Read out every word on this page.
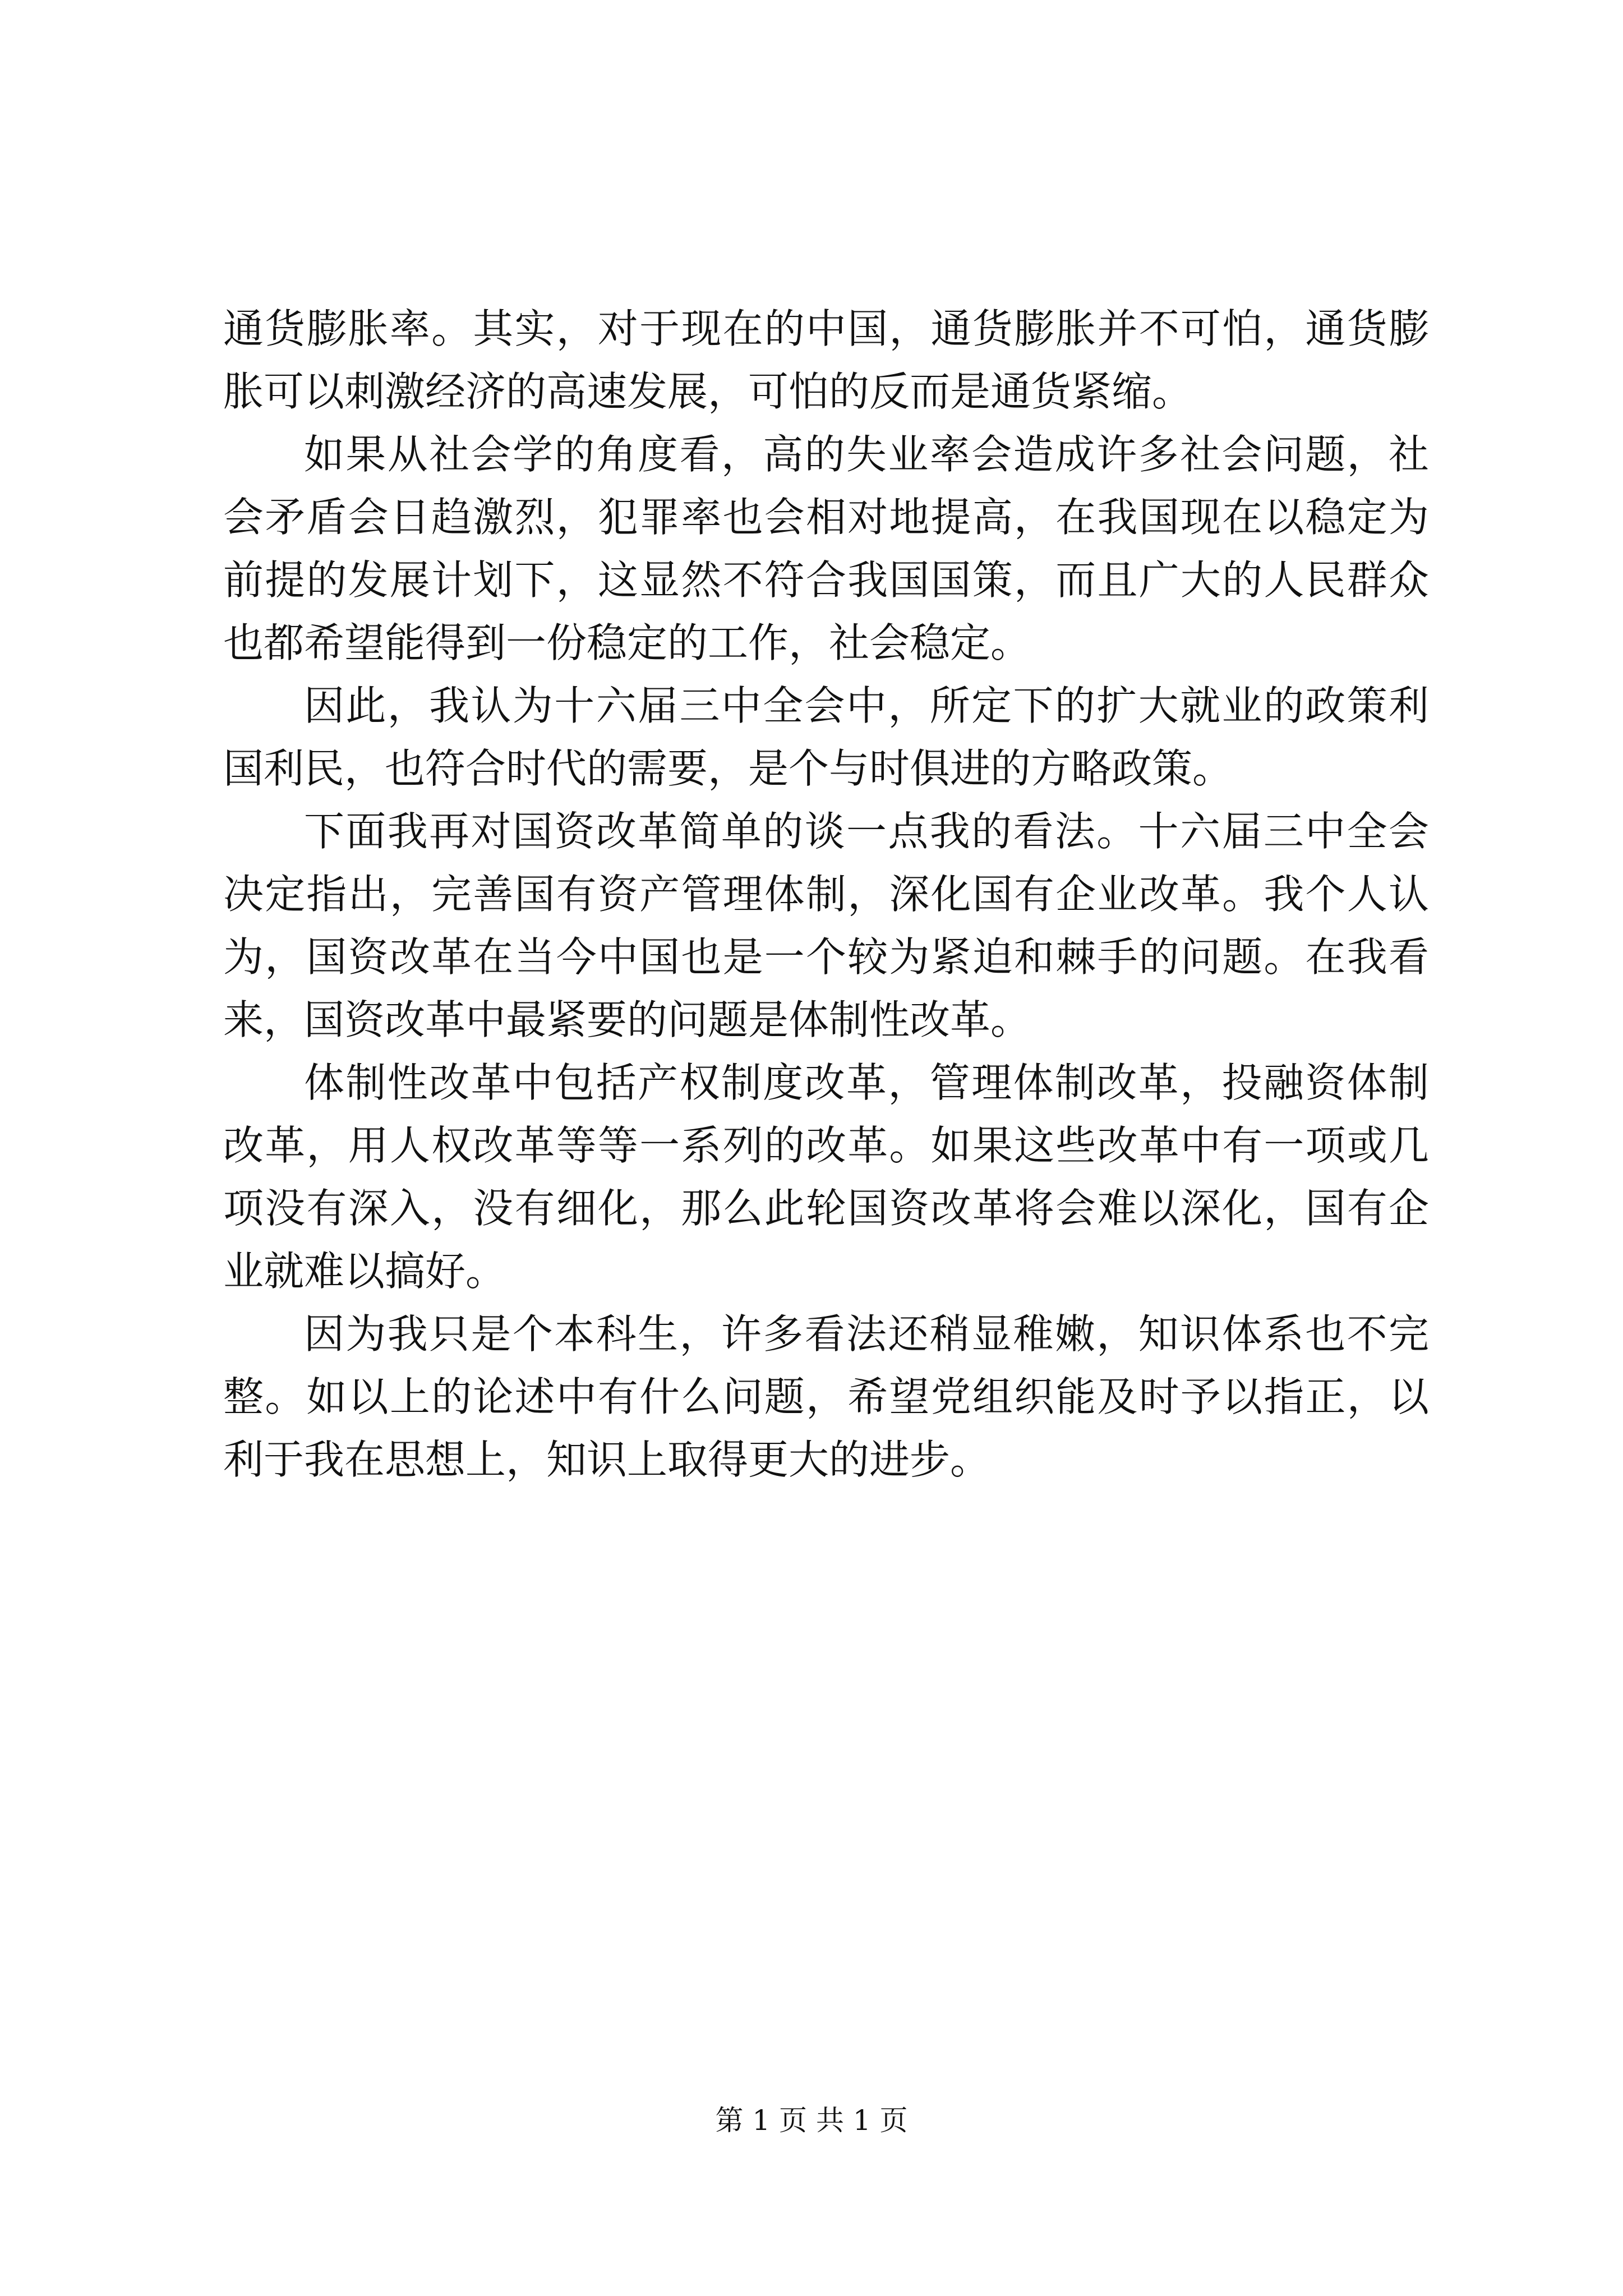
通货膨胀率。其实，对于现在的中国，通货膨胀并不可怕，通货膨胀可以刺激经济的高速发展，可怕的反而是通货紧缩。

如果从社会学的角度看，高的失业率会造成许多社会问题，社会矛盾会日趋激烈，犯罪率也会相对地提高，在我国现在以稳定为前提的发展计划下，这显然不符合我国国策，而且广大的人民群众也都希望能得到一份稳定的工作，社会稳定。

因此，我认为十六届三中全会中，所定下的扩大就业的政策利国利民，也符合时代的需要，是个与时俱进的方略政策。

下面我再对国资改革简单的谈一点我的看法。十六届三中全会决定指出，完善国有资产管理体制，深化国有企业改革。我个人认为，国资改革在当今中国也是一个较为紧迫和棘手的问题。在我看来，国资改革中最紧要的问题是体制性改革。

体制性改革中包括产权制度改革，管理体制改革，投融资体制改革，用人权改革等等一系列的改革。如果这些改革中有一项或几项没有深入，没有细化，那么此轮国资改革将会难以深化，国有企业就难以搞好。

因为我只是个本科生，许多看法还稍显稚嫩，知识体系也不完整。如以上的论述中有什么问题，希望党组织能及时予以指正，以利于我在思想上，知识上取得更大的进步。

第 1 页 共 1 页
